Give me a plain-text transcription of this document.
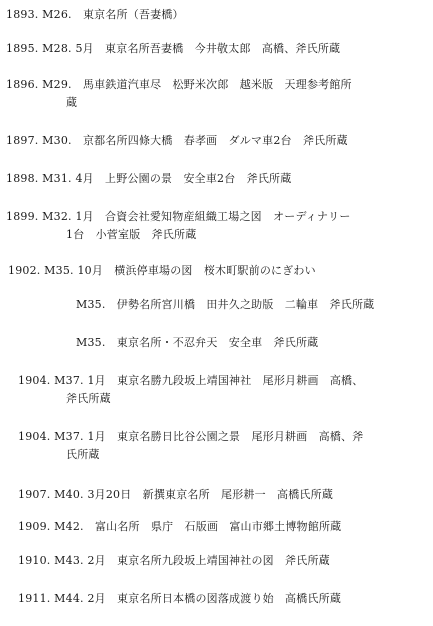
1893. M26.　東京名所（吾妻橋）
1895. M28. 5月　東京名所吾妻橋　今井敬太郎　高橋、斧氏所蔵
1896. M29.　馬車鉄道汽車尽　松野米次郎　越米版　天理参考館所
蔵
1897. M30.　京都名所四條大橋　春孝画　ダルマ車2台　斧氏所蔵
1898. M31. 4月　上野公園の景　安全車2台　斧氏所蔵
1899. M32. 1月　合資会社愛知物産組織工場之図　オーディナリー
1台　小菅室版　斧氏所蔵
1902. M35. 10月　横浜停車場の図　桜木町駅前のにぎわい
M35.　伊勢名所宮川橋　田井久之助版　二輪車　斧氏所蔵
M35.　東京名所・不忍弁天　安全車　斧氏所蔵
1904. M37. 1月　東京名勝九段坂上靖国神社　尾形月耕画　高橋、
斧氏所蔵
1904. M37. 1月　東京名勝日比谷公園之景　尾形月耕画　高橋、斧
氏所蔵
1907. M40. 3月20日　新撰東京名所　尾形耕一　高橋氏所蔵
1909. M42.　富山名所　県庁　石版画　富山市郷土博物館所蔵
1910. M43. 2月　東京名所九段坂上靖国神社の図　斧氏所蔵
1911. M44. 2月　東京名所日本橋の図落成渡り始　高橋氏所蔵
